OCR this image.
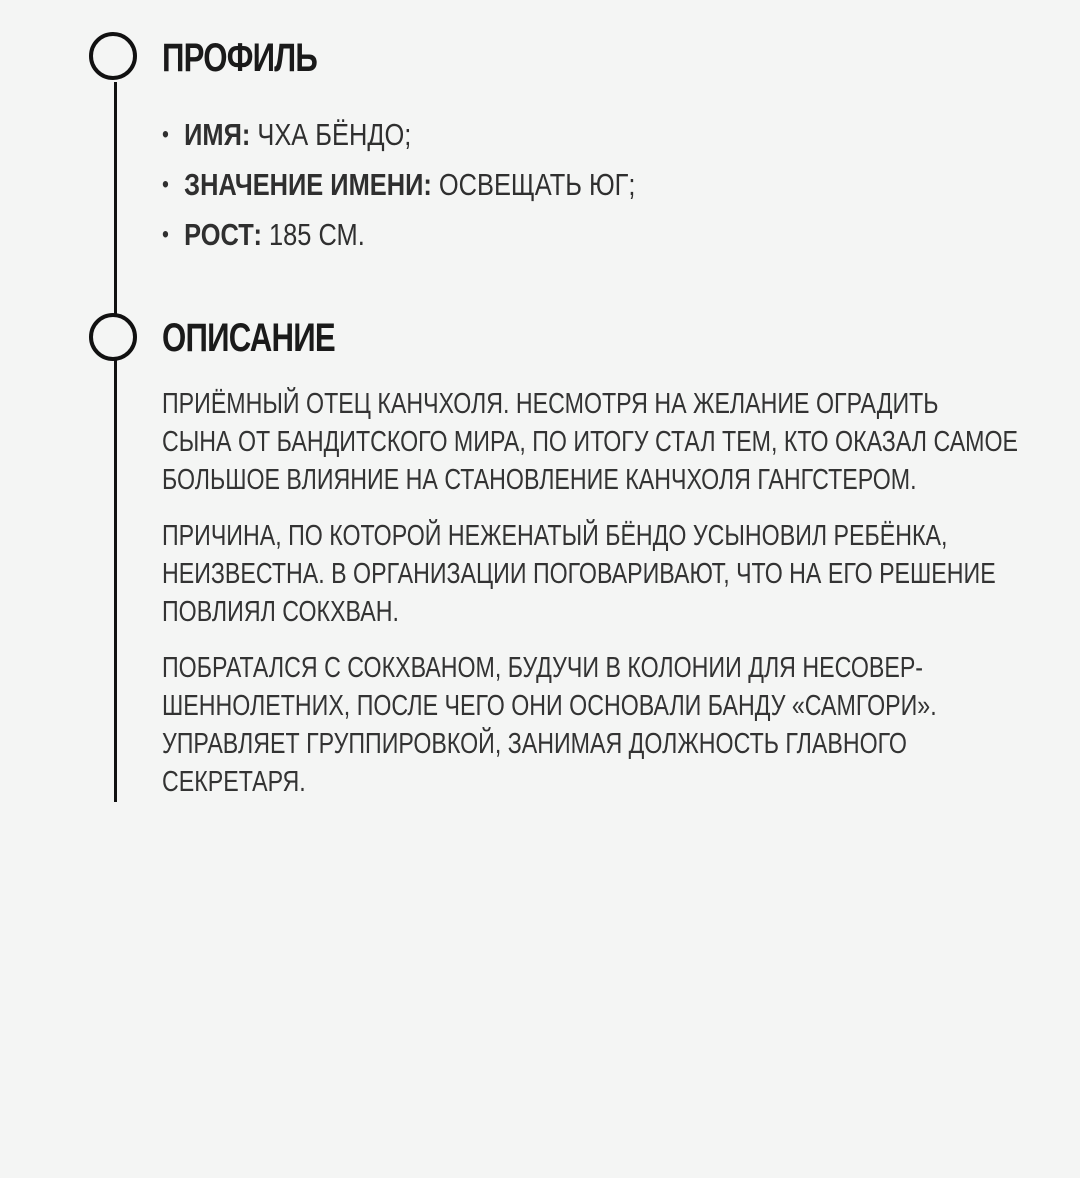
ПРОФИЛЬ
• ИМЯ: ЧХА БЁНДО;
• ЗНАЧЕНИЕ ИМЕНИ: ОСВЕЩАТЬ ЮГ;
• РОСТ: 185 СМ.
ОПИСАНИЕ

ПРИЁМНЫЙ ОТЕЦ КАНЧХОЛЯ. НЕСМОТРЯ НА ЖЕЛАНИЕ ОГРАДИТЬ
СЫНА ОТ БАНДИТСКОГО МИРА, ПО ИТОГУ СТАЛ ТЕМ, КТО ОКАЗАЛ САМОЕ
БОЛЬШОЕ ВЛИЯНИЕ НА СТАНОВЛЕНИЕ КАНЧХОЛЯ ГАНГСТЕРОМ.

ПРИЧИНА, ПО КОТОРОЙ НЕЖЕНАТЫЙ БЁНДО УСЫНОВИЛ РЕБЁНКА,
НЕИЗВЕСТНА. В ОРГАНИЗАЦИИ ПОГОВАРИВАЮТ, ЧТО НА ЕГО РЕШЕНИЕ
ПОВЛИЯЛ СОКХВАН.

ПОБРАТАЛСЯ С СОКХВАНОМ, БУДУЧИ В КОЛОНИИ ДЛЯ НЕСОВЕР-
ШЕННОЛЕТНИХ, ПОСЛЕ ЧЕГО ОНИ ОСНОВАЛИ БАНДУ «САМГОРИ».
УПРАВЛЯЕТ ГРУППИРОВКОЙ, ЗАНИМАЯ ДОЛЖНОСТЬ ГЛАВНОГО
СЕКРЕТАРЯ.
